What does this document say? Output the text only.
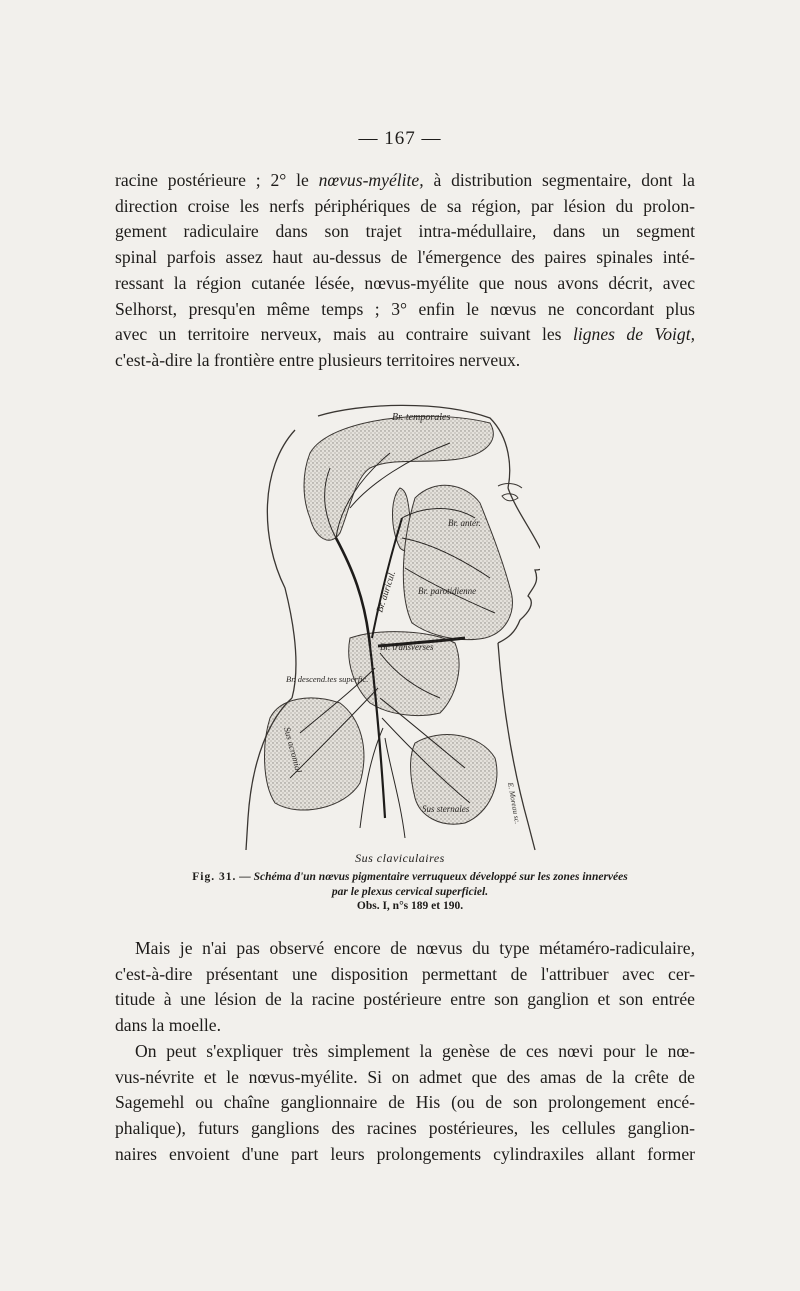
— 167 —
racine postérieure ; 2° le nœvus-myélite, à distribution segmentaire, dont la
direction croise les nerfs périphériques de sa région, par lésion du prolon-
gement radiculaire dans son trajet intra-médullaire, dans un segment
spinal parfois assez haut au-dessus de l'émergence des paires spinales inté-
ressant la région cutanée lésée, nœvus-myélite que nous avons décrit, avec
Selhorst, presqu'en même temps ; 3° enfin le nœvus ne concordant plus
avec un territoire nerveux, mais au contraire suivant les lignes de Voigt,
c'est-à-dire la frontière entre plusieurs territoires nerveux.
Br. temporales
Br. antér.
Br. auricul. Br. parotidienne
Br. transverses
Br. descend.tes superfic.
Sus acromial
Sus sternales	E. Moreau sc.
Sus claviculaires
Fig. 31. — Schéma d'un nœvus pigmentaire verruqueux développé sur les zones innervées
par le plexus cervical superficiel.
Obs. I, n°s 189 et 190.
Mais je n'ai pas observé encore de nœvus du type métaméro-radiculaire,
c'est-à-dire présentant une disposition permettant de l'attribuer avec cer-
titude à une lésion de la racine postérieure entre son ganglion et son entrée
dans la moelle.
On peut s'expliquer très simplement la genèse de ces nœvi pour le nœ-
vus-névrite et le nœvus-myélite. Si on admet que des amas de la crête de
Sagemehl ou chaîne ganglionnaire de His (ou de son prolongement encé-
phalique), futurs ganglions des racines postérieures, les cellules ganglion-
naires envoient d'une part leurs prolongements cylindraxiles allant former
